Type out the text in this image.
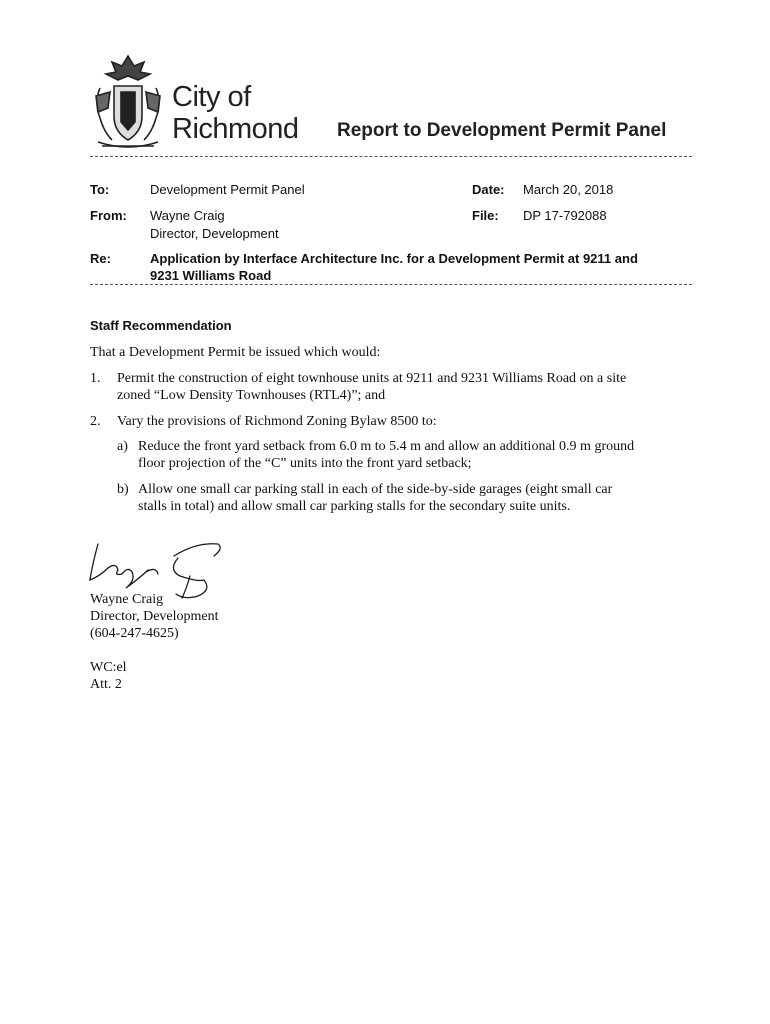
City of
Richmond Report to Development Permit Panel
To:	Development Permit Panel	Date: March 20, 2018
From: Wayne Craig
Director, Development
File: DP 17-792088
Re:	Application by Interface Architecture Inc. for a Development Permit at 9211 and
9231 Williams Road
Staff Recommendation
That a Development Permit be issued which would:
1. Permit the construction of eight townhouse units at 9211 and 9231 Williams Road on a site
zoned “Low Density Townhouses (RTL4)”; and
2. Vary the provisions of Richmond Zoning Bylaw 8500 to:
a) Reduce the front yard setback from 6.0 m to 5.4 m and allow an additional 0.9 m ground
floor projection of the “C” units into the front yard setback;
b) Allow one small car parking stall in each of the side-by-side garages (eight small car
stalls in total) and allow small car parking stalls for the secondary suite units.
Wayne Craig
Director, Development
(604-247-4625)
WC:el
Att. 2
